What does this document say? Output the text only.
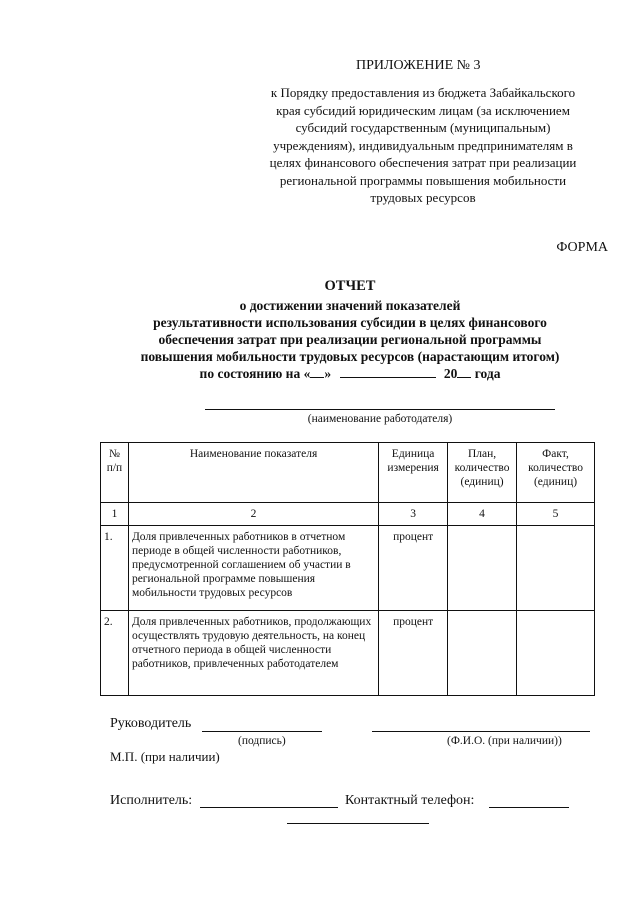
ПРИЛОЖЕНИЕ № 3
к Порядку предоставления из бюджета Забайкальского
края субсидий юридическим лицам (за исключением
субсидий государственным (муниципальным)
учреждениям), индивидуальным предпринимателям в
целях финансового обеспечения затрат при реализации
региональной программы повышения мобильности
трудовых ресурсов
ФОРМА
ОТЧЕТ
о достижении значений показателей
результативности использования субсидии в целях финансового
обеспечения затрат при реализации региональной программы
повышения мобильности трудовых ресурсов (нарастающим итогом)
по состоянию на « »	20 года
(наименование работодателя)
№ п/п	Наименование показателя	Единица измерения	План, количество (единиц)	Факт, количество (единиц)
1	2	3	4	5
1.	Доля привлеченных работников в отчетном периоде в общей численности работников, предусмотренной соглашением об участии в региональной программе повышения мобильности трудовых ресурсов	процент		
2.	Доля привлеченных работников, продолжающих осуществлять трудовую деятельность, на конец отчетного периода в общей численности работников, привлеченных работодателем	процент		
Руководитель
(подпись)	(Ф.И.О. (при наличии))
М.П. (при наличии)
Исполнитель:	Контактный телефон:
